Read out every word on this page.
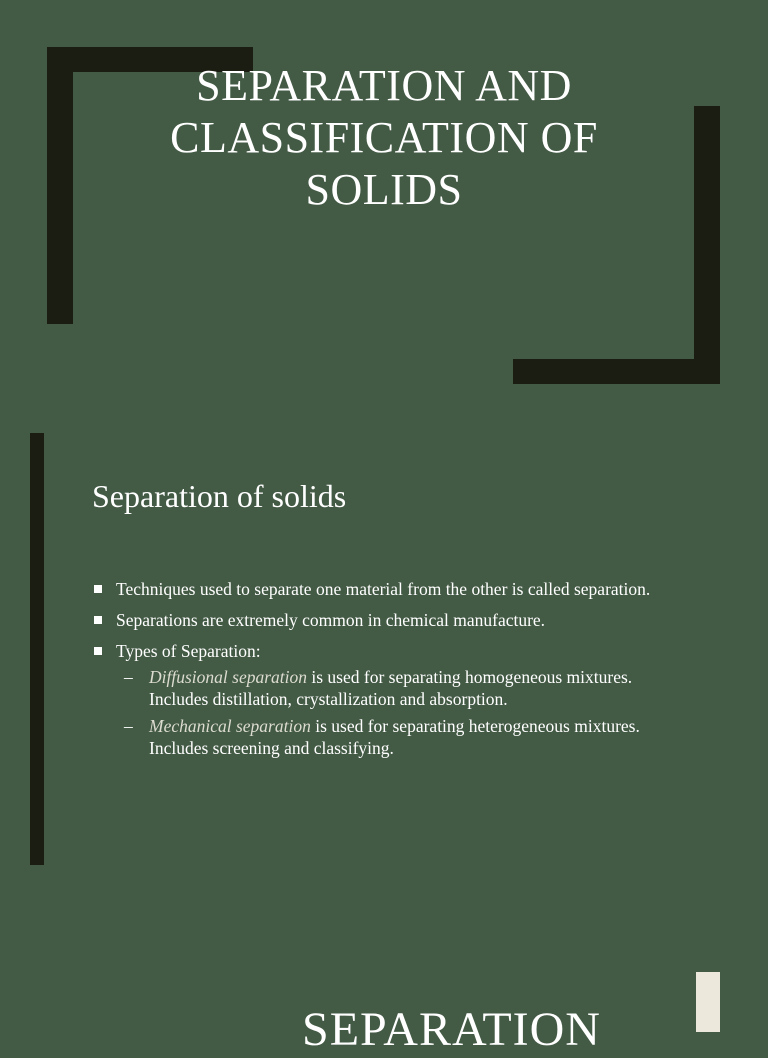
SEPARATION AND CLASSIFICATION OF SOLIDS
Separation of solids
Techniques used to separate one material from the other is called separation.
Separations are extremely common in chemical manufacture.
Types of Separation:
– Diffusional separation is used for separating homogeneous mixtures. Includes distillation, crystallization and absorption.
– Mechanical separation is used for separating heterogeneous mixtures. Includes screening and classifying.
SEPARATION
